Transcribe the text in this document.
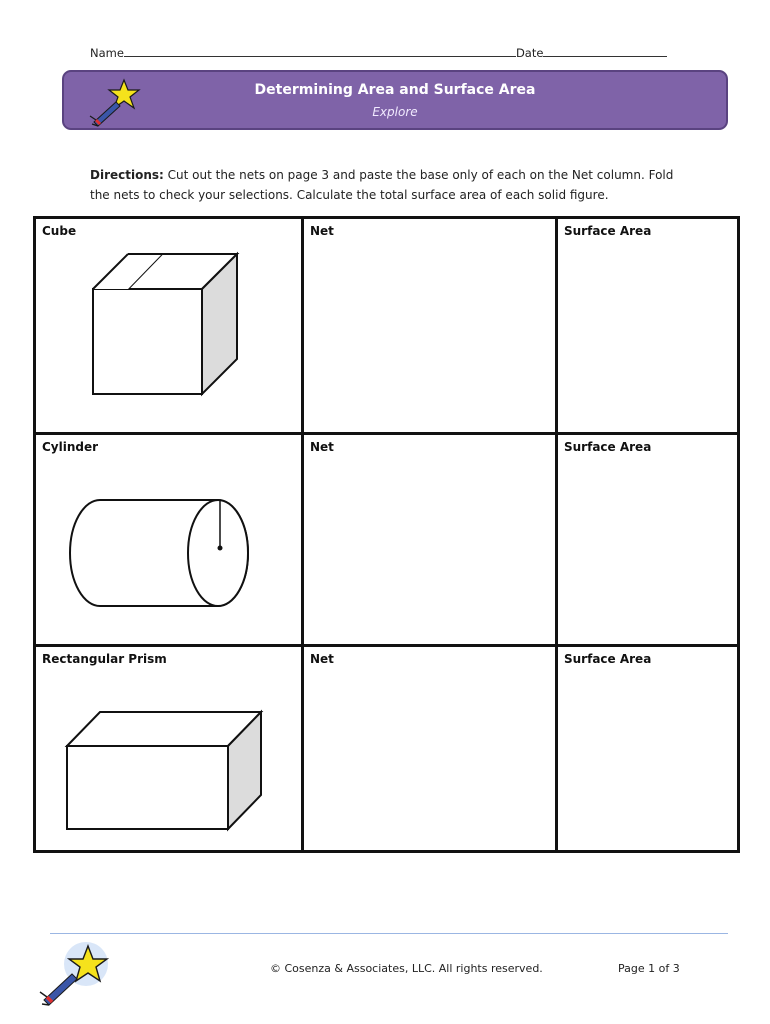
Name	Date
Determining Area and Surface Area
Explore
Directions: Cut out the nets on page 3 and paste the base only of each on the Net column. Fold the nets to check your selections. Calculate the total surface area of each solid figure.
Cube	Net	Surface Area

Cylinder	Net	Surface Area

Rectangular Prism	Net	Surface Area
© Cosenza & Associates, LLC. All rights reserved.	Page 1 of 3
